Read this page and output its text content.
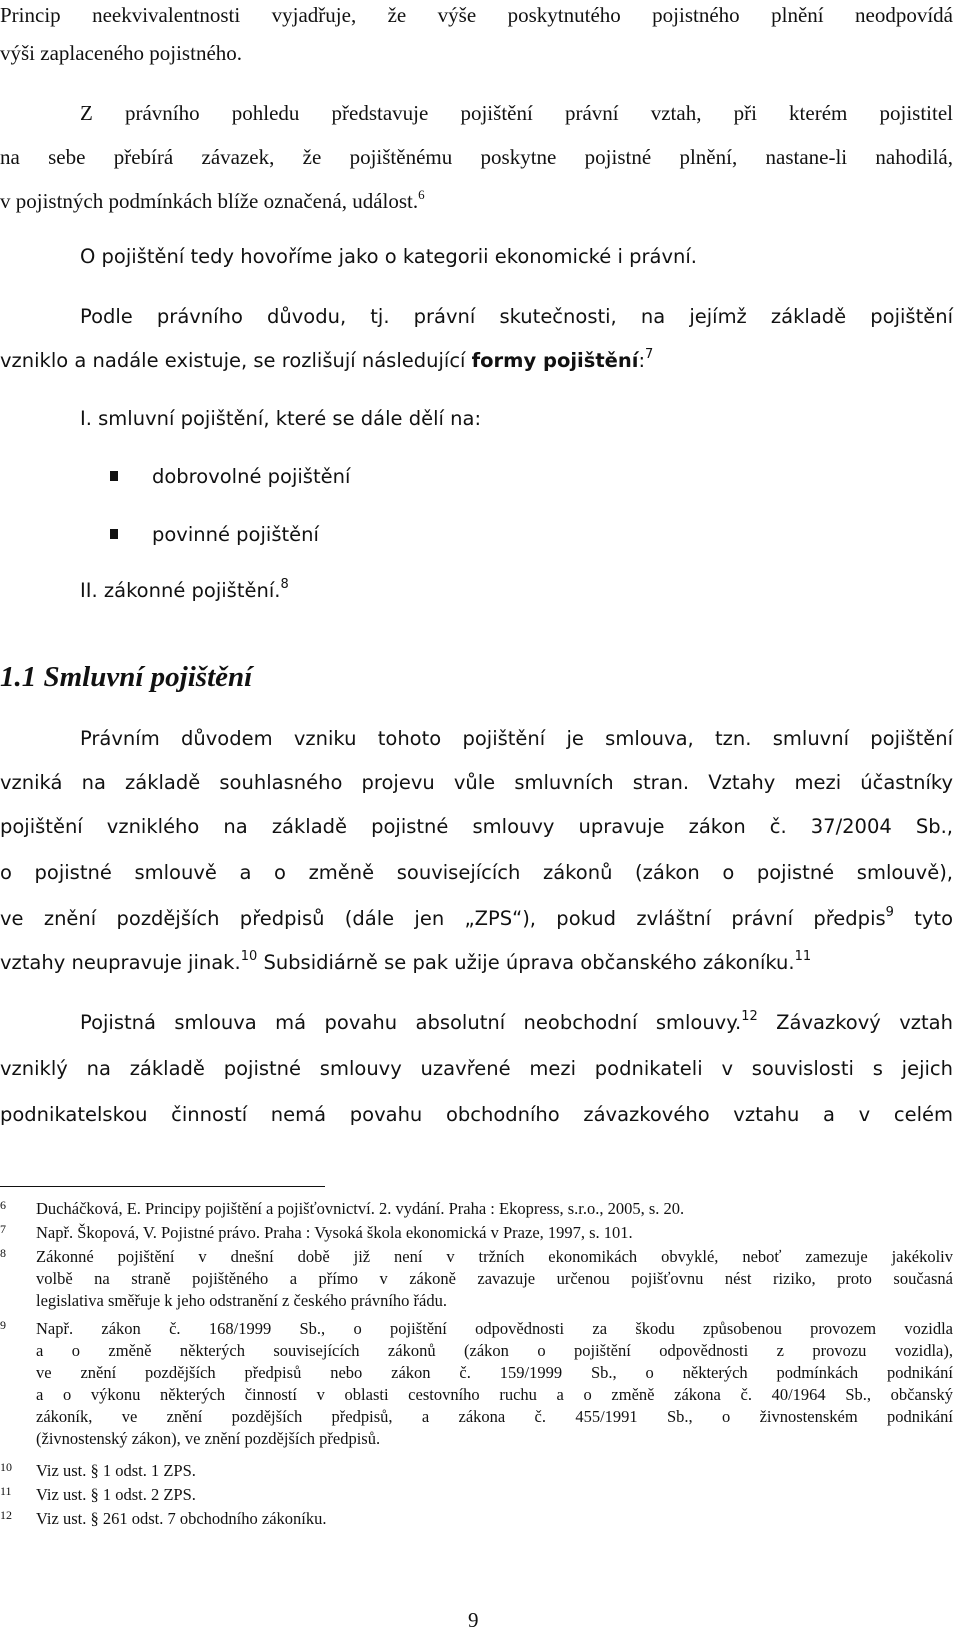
Princip neekvivalentnosti vyjadřuje, že výše poskytnutého pojistného plnění neodpovídá
výši zaplaceného pojistného.
Z právního pohledu představuje pojištění právní vztah, při kterém pojistitel
na sebe přebírá závazek, že pojištěnému poskytne pojistné plnění, nastane-li nahodilá,
v pojistných podmínkách blíže označená, událost.$^6$
O pojištění tedy hovoříme jako o kategorii ekonomické i právní.
Podle právního důvodu, tj. právní skutečnosti, na jejímž základě pojištění
vzniklo a nadále existuje, se rozlišují následující formy pojištění:$^7$
I. smluvní pojištění, které se dále dělí na:
dobrovolné pojištění
povinné pojištění
II. zákonné pojištění.$^8$
1.1 Smluvní pojištění
Právním důvodem vzniku tohoto pojištění je smlouva, tzn. smluvní pojištění
vzniká na základě souhlasného projevu vůle smluvních stran. Vztahy mezi účastníky
pojištění vzniklého na základě pojistné smlouvy upravuje zákon č. 37/2004 Sb.,
o pojistné smlouvě a o změně souvisejících zákonů (zákon o pojistné smlouvě),
ve znění pozdějších předpisů (dále jen „ZPS“), pokud zvláštní právní předpis$^9$ tyto
vztahy neupravuje jinak.$^{10}$ Subsidiárně se pak užije úprava občanského zákoníku.$^{11}$
Pojistná smlouva má povahu absolutní neobchodní smlouvy.$^{12}$ Závazkový vztah
vzniklý na základě pojistné smlouvy uzavřené mezi podnikateli v souvislosti s jejich
podnikatelskou činností nemá povahu obchodního závazkového vztahu a v celém
6 Ducháčková, E. Principy pojištění a pojišťovnictví. 2. vydání. Praha : Ekopress, s.r.o., 2005, s. 20.
7 Např. Škopová, V. Pojistné právo. Praha : Vysoká škola ekonomická v Praze, 1997, s. 101.
8 Zákonné pojištění v dnešní době již není v tržních ekonomikách obvyklé, neboť zamezuje jakékoliv
volbě na straně pojištěného a přímo v zákoně zavazuje určenou pojišťovnu nést riziko, proto současná
legislativa směřuje k jeho odstranění z českého právního řádu.
9 Např. zákon č. 168/1999 Sb., o pojištění odpovědnosti za škodu způsobenou provozem vozidla
a o změně některých souvisejících zákonů (zákon o pojištění odpovědnosti z provozu vozidla),
ve znění pozdějších předpisů nebo zákon č. 159/1999 Sb., o některých podmínkách podnikání
a o výkonu některých činností v oblasti cestovního ruchu a o změně zákona č. 40/1964 Sb., občanský
zákoník, ve znění pozdějších předpisů, a zákona č. 455/1991 Sb., o živnostenském podnikání
(živnostenský zákon), ve znění pozdějších předpisů.
10 Viz ust. § 1 odst. 1 ZPS.
11 Viz ust. § 1 odst. 2 ZPS.
12 Viz ust. § 261 odst. 7 obchodního zákoníku.
9
